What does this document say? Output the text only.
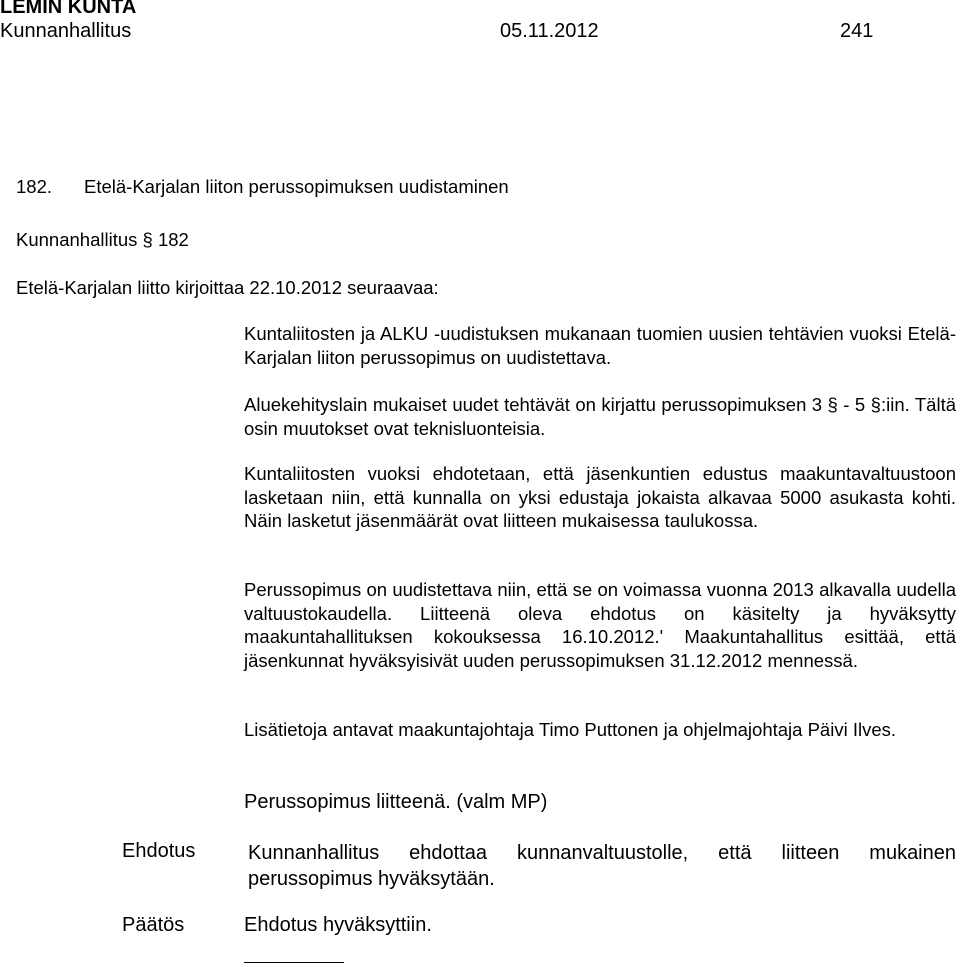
LEMIN KUNTA
Kunnanhallitus	05.11.2012	241
182. Etelä-Karjalan liiton perussopimuksen uudistaminen
Kunnanhallitus § 182
Etelä-Karjalan liitto kirjoittaa 22.10.2012 seuraavaa:
Kuntaliitosten ja ALKU -uudistuksen mukanaan tuomien uusien tehtävien vuoksi Etelä-Karjalan liiton perussopimus on uudistettava.
Aluekehityslain mukaiset uudet tehtävät on kirjattu perussopimuksen 3 § - 5 §:iin. Tältä osin muutokset ovat teknisluonteisia.
Kuntaliitosten vuoksi ehdotetaan, että jäsenkuntien edustus maakuntavaltuustoon lasketaan niin, että kunnalla on yksi edustaja jokaista alkavaa 5000 asukasta kohti. Näin lasketut jäsenmäärät ovat liitteen mukaisessa taulukossa.
Perussopimus on uudistettava niin, että se on voimassa vuonna 2013 alkavalla uudella valtuustokaudella. Liitteenä oleva ehdotus on käsitelty ja hyväksytty maakuntahallituksen kokouksessa 16.10.2012.' Maakuntahallitus esittää, että jäsenkunnat hyväksyisivät uuden perussopimuksen 31.12.2012 mennessä.
Lisätietoja antavat maakuntajohtaja Timo Puttonen ja ohjelmajohtaja Päivi Ilves.
Perussopimus liitteenä. (valm MP)
Ehdotus	Kunnanhallitus ehdottaa kunnanvaltuustolle, että liitteen mukainen perussopimus hyväksytään.
Päätös	Ehdotus hyväksyttiin.
